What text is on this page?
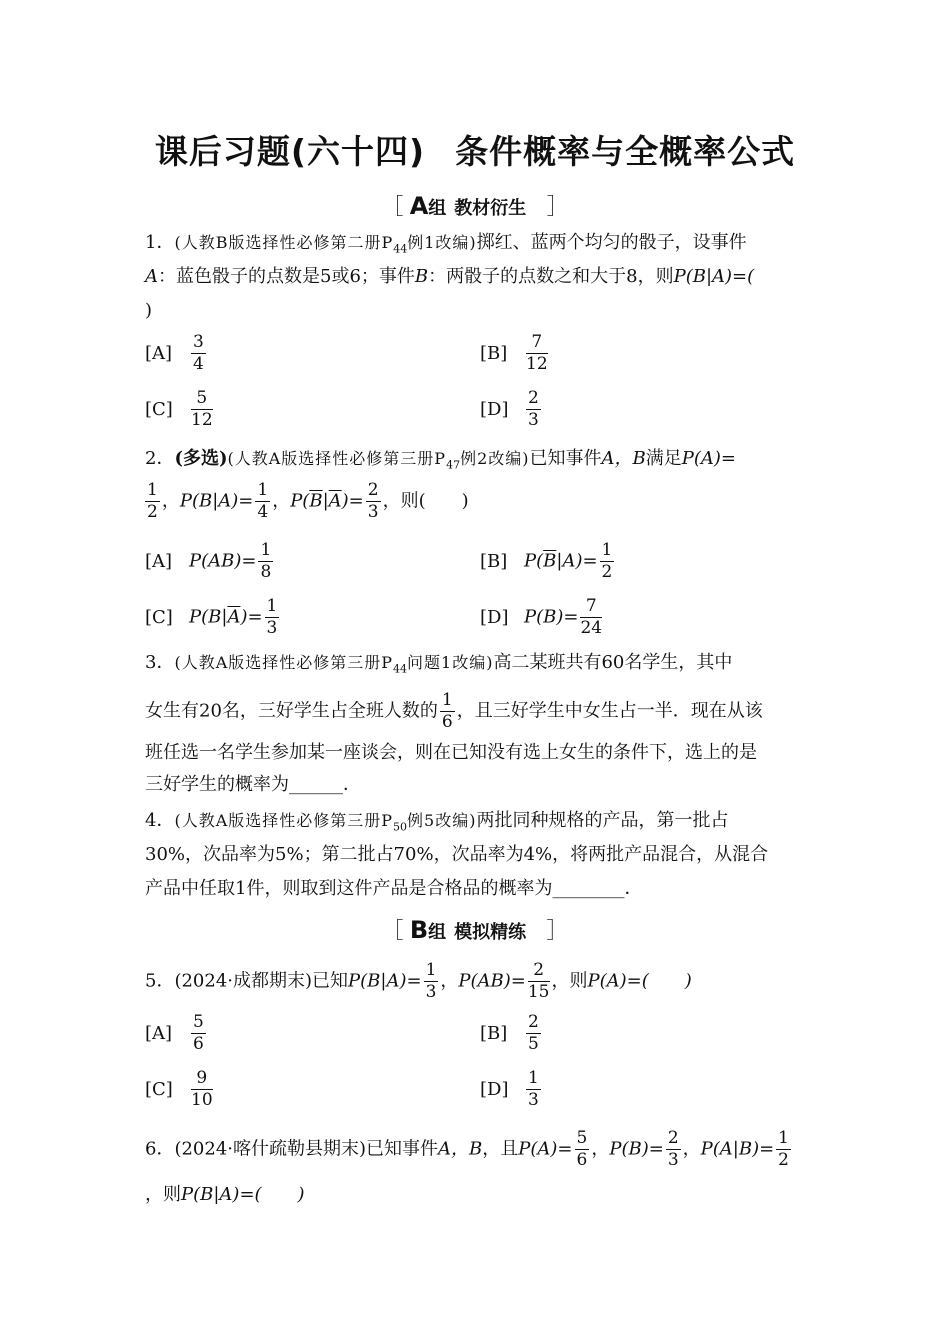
课后习题(六十四) 条件概率与全概率公式
［ A组 教材衍生 ］
1．(人教B版选择性必修第二册$P_{44}$例1改编)掷红、蓝两个均匀的骰子，设事件
A：蓝色骰子的点数是5或6；事件B：两骰子的点数之和大于8，则P(B|A)=(
)
$[A] \frac{3}{4}$	$[B] \frac{7}{12}$
$[C] \frac{5}{12}$	$[D] \frac{2}{3}$
2．(多选)(人教A版选择性必修第三册$P_{47}$例2改编)已知事件A，B满足P(A)=
$\frac{1}{2}$ ，$P(B|A)= \frac{1}{4}$ ，$P(\overline{B}|\overline{A})= \frac{2}{3}$ ，则(　　)
[A] $P(AB)= \frac{1}{8}$	[B] $P(\overline{B}|A)= \frac{1}{2}$
[C] $P(B|\overline{A})= \frac{1}{3}$	[D] $P(B)= \frac{7}{24}$
3．(人教A版选择性必修第三册$P_{44}$问题1改编)高二某班共有60名学生，其中
女生有20名，三好学生占全班人数的 $\frac{1}{6}$ ，且三好学生中女生占一半．现在从该
班任选一名学生参加某一座谈会，则在已知没有选上女生的条件下，选上的是
三好学生的概率为______．
4．(人教A版选择性必修第三册$P_{50}$例5改编)两批同种规格的产品，第一批占
30%，次品率为5%；第二批占70%，次品率为4%，将两批产品混合，从混合
产品中任取1件，则取到这件产品是合格品的概率为________．
［ B组 模拟精练 ］
5．(2024·成都期末)已知$P(B|A)= \frac{1}{3}$ ，$P(AB)= \frac{2}{15}$ ，则P(A)=(　　)
$[A] \frac{5}{6}$	$[B] \frac{2}{5}$
$[C] \frac{9}{10}$	$[D] \frac{1}{3}$
6．(2024·喀什疏勒县期末)已知事件A，B，且$P(A)= \frac{5}{6}$ ，$P(B)= \frac{2}{3}$ ，$P(A|B)= \frac{1}{2}$
，则P(B|A)=(　　)
